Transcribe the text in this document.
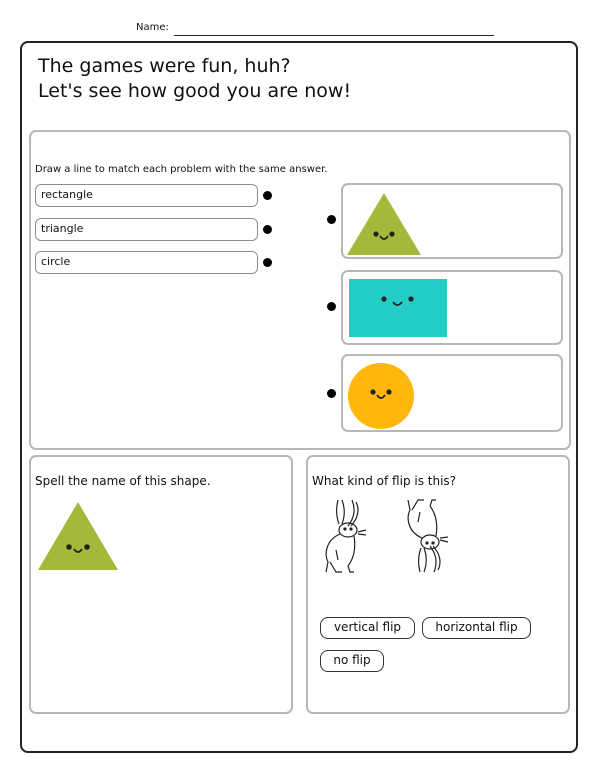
Name:
The games were fun, huh?
Let's see how good you are now!
Draw a line to match each problem with the same answer.
rectangle
triangle
circle
Spell the name of this shape.	What kind of flip is this?
vertical flip	horizontal flip
no flip
